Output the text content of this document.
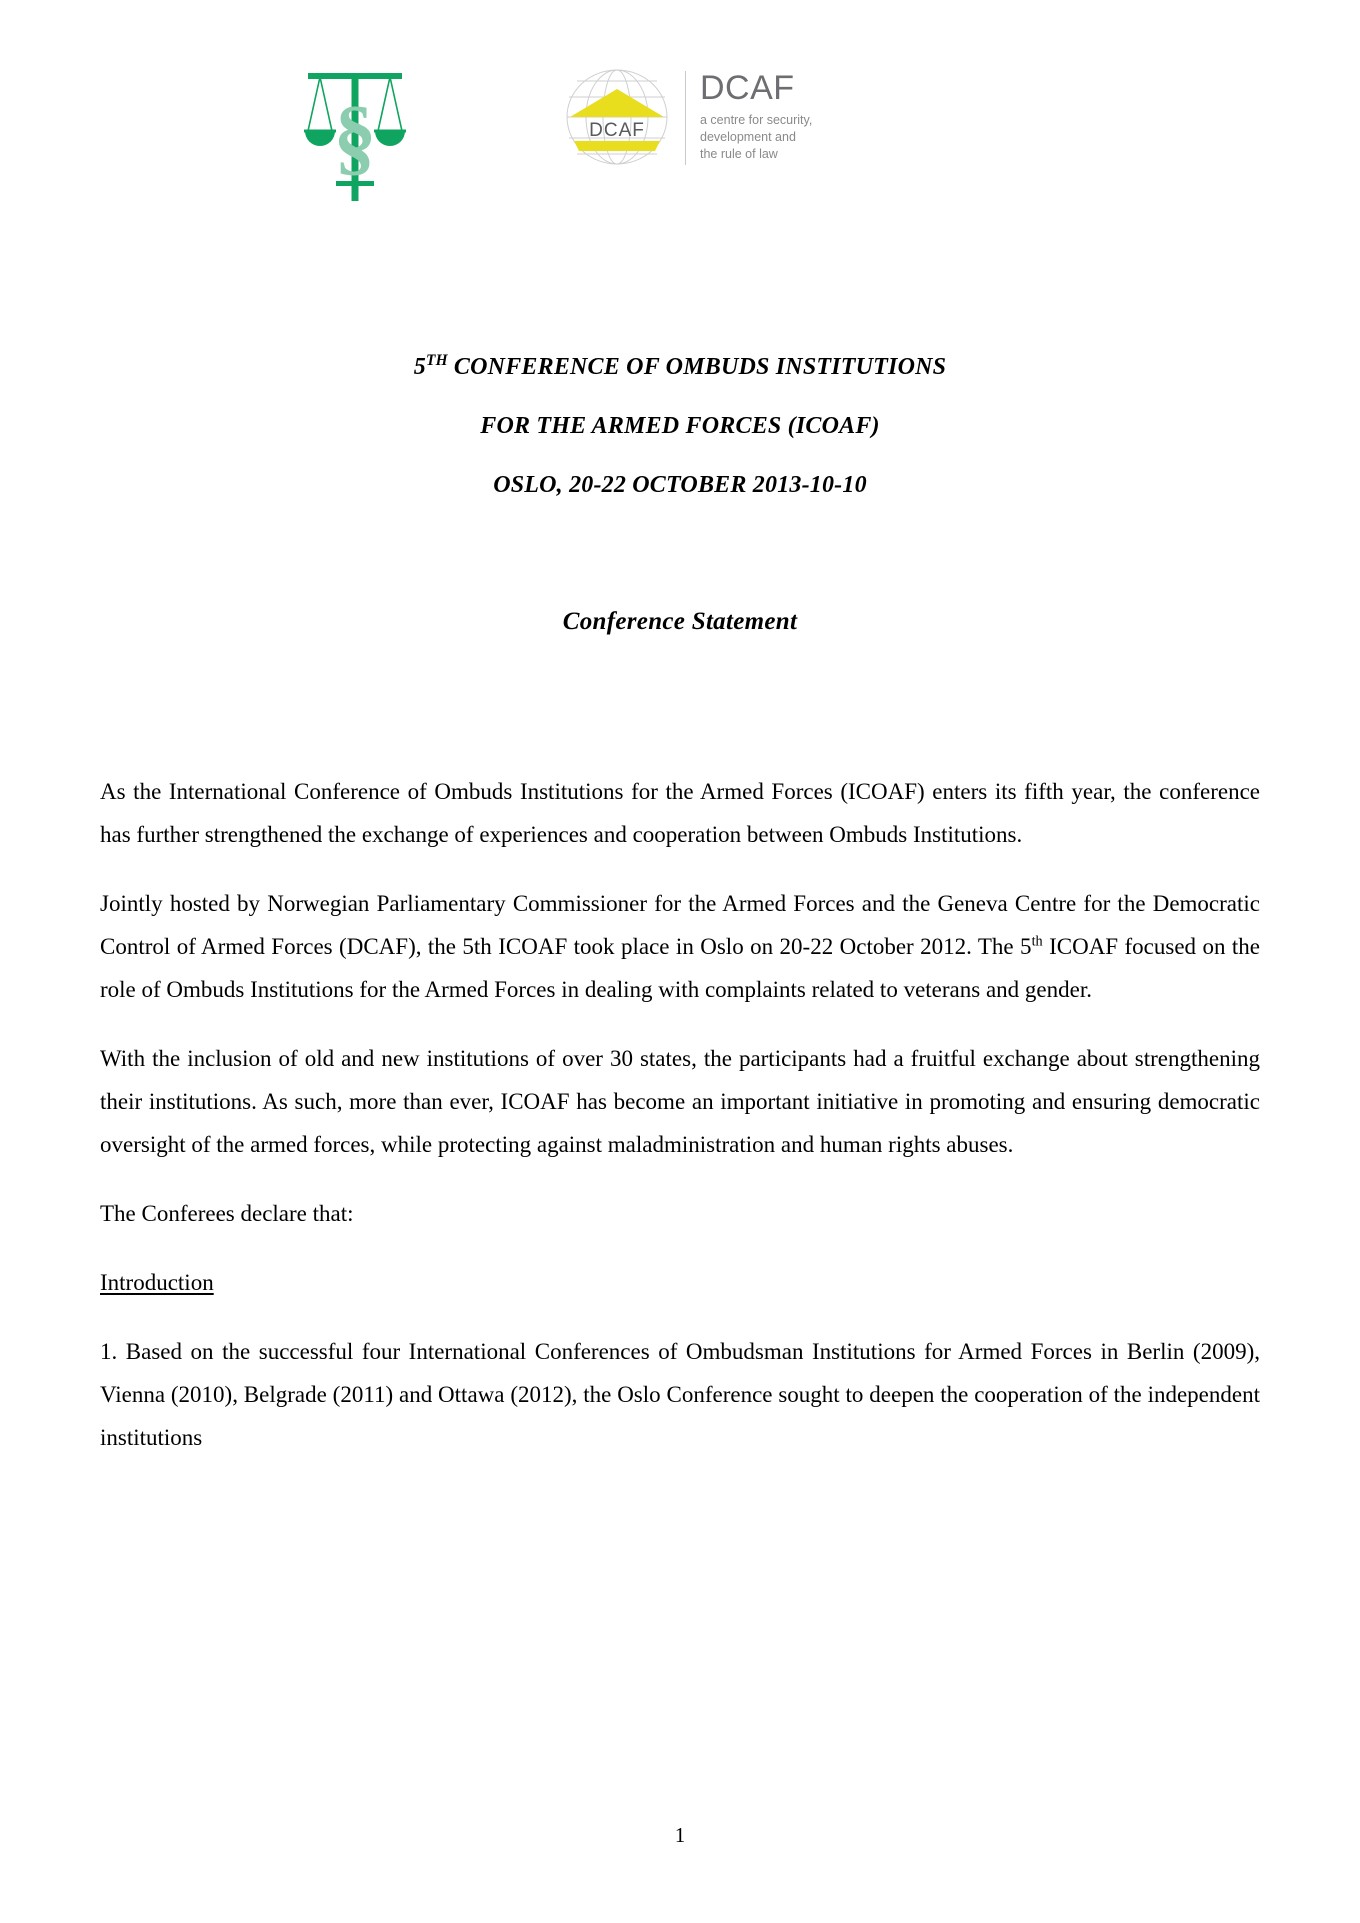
§	DCAF
DCAF
a centre for security,
development and
the rule of law
5TH CONFERENCE OF OMBUDS INSTITUTIONS
FOR THE ARMED FORCES (ICOAF)
OSLO, 20-22 OCTOBER 2013-10-10
Conference Statement

As the International Conference of Ombuds Institutions for the Armed Forces (ICOAF) enters its fifth year, the conference has further strengthened the exchange of experiences and cooperation between Ombuds Institutions.

Jointly hosted by Norwegian Parliamentary Commissioner for the Armed Forces and the Geneva Centre for the Democratic Control of Armed Forces (DCAF), the 5th ICOAF took place in Oslo on 20-22 October 2012. The 5th ICOAF focused on the role of Ombuds Institutions for the Armed Forces in dealing with complaints related to veterans and gender.

With the inclusion of old and new institutions of over 30 states, the participants had a fruitful exchange about strengthening their institutions. As such, more than ever, ICOAF has become an important initiative in promoting and ensuring democratic oversight of the armed forces, while protecting against maladministration and human rights abuses.

The Conferees declare that:

Introduction

1. Based on the successful four International Conferences of Ombudsman Institutions for Armed Forces in Berlin (2009), Vienna (2010), Belgrade (2011) and Ottawa (2012), the Oslo Conference sought to deepen the cooperation of the independent institutions

1
